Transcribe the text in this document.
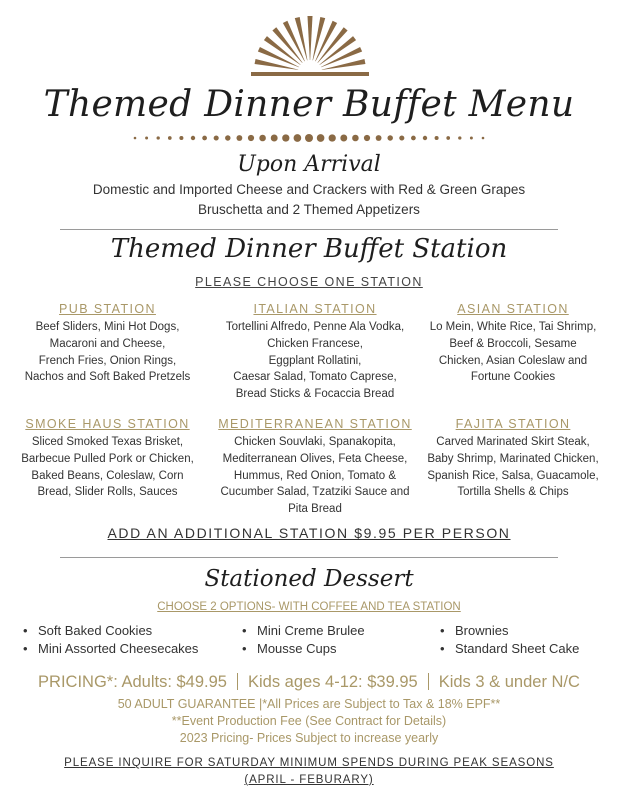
Themed Dinner Buffet Menu
Upon Arrival
Domestic and Imported Cheese and Crackers with Red & Green Grapes
Bruschetta and 2 Themed Appetizers
Themed Dinner Buffet Station
PLEASE CHOOSE ONE STATION
PUB STATION
Beef Sliders, Mini Hot Dogs,
Macaroni and Cheese,
French Fries, Onion Rings,
Nachos and Soft Baked Pretzels
ITALIAN STATION
Tortellini Alfredo, Penne Ala Vodka,
Chicken Francese,
Eggplant Rollatini,
Caesar Salad, Tomato Caprese,
Bread Sticks & Focaccia Bread
ASIAN STATION
Lo Mein, White Rice, Tai Shrimp,
Beef & Broccoli, Sesame
Chicken, Asian Coleslaw and
Fortune Cookies
SMOKE HAUS STATION
Sliced Smoked Texas Brisket,
Barbecue Pulled Pork or Chicken,
Baked Beans, Coleslaw, Corn
Bread, Slider Rolls, Sauces
MEDITERRANEAN STATION
Chicken Souvlaki, Spanakopita,
Mediterranean Olives, Feta Cheese,
Hummus, Red Onion, Tomato &
Cucumber Salad, Tzatziki Sauce and
Pita Bread
FAJITA STATION
Carved Marinated Skirt Steak,
Baby Shrimp, Marinated Chicken,
Spanish Rice, Salsa, Guacamole,
Tortilla Shells & Chips
ADD AN ADDITIONAL STATION $9.95 PER PERSON
Stationed Dessert
CHOOSE 2 OPTIONS- WITH COFFEE AND TEA STATION
• Soft Baked Cookies
• Mini Assorted Cheesecakes
• Mini Creme Brulee
• Mousse Cups
• Brownies
• Standard Sheet Cake
PRICING*: Adults: $49.95 Kids ages 4-12: $39.95 Kids 3 & under N/C
50 ADULT GUARANTEE |*All Prices are Subject to Tax & 18% EPF**
**Event Production Fee (See Contract for Details)
2023 Pricing- Prices Subject to increase yearly
PLEASE INQUIRE FOR SATURDAY MINIMUM SPENDS DURING PEAK SEASONS
(APRIL - FEBURARY)
